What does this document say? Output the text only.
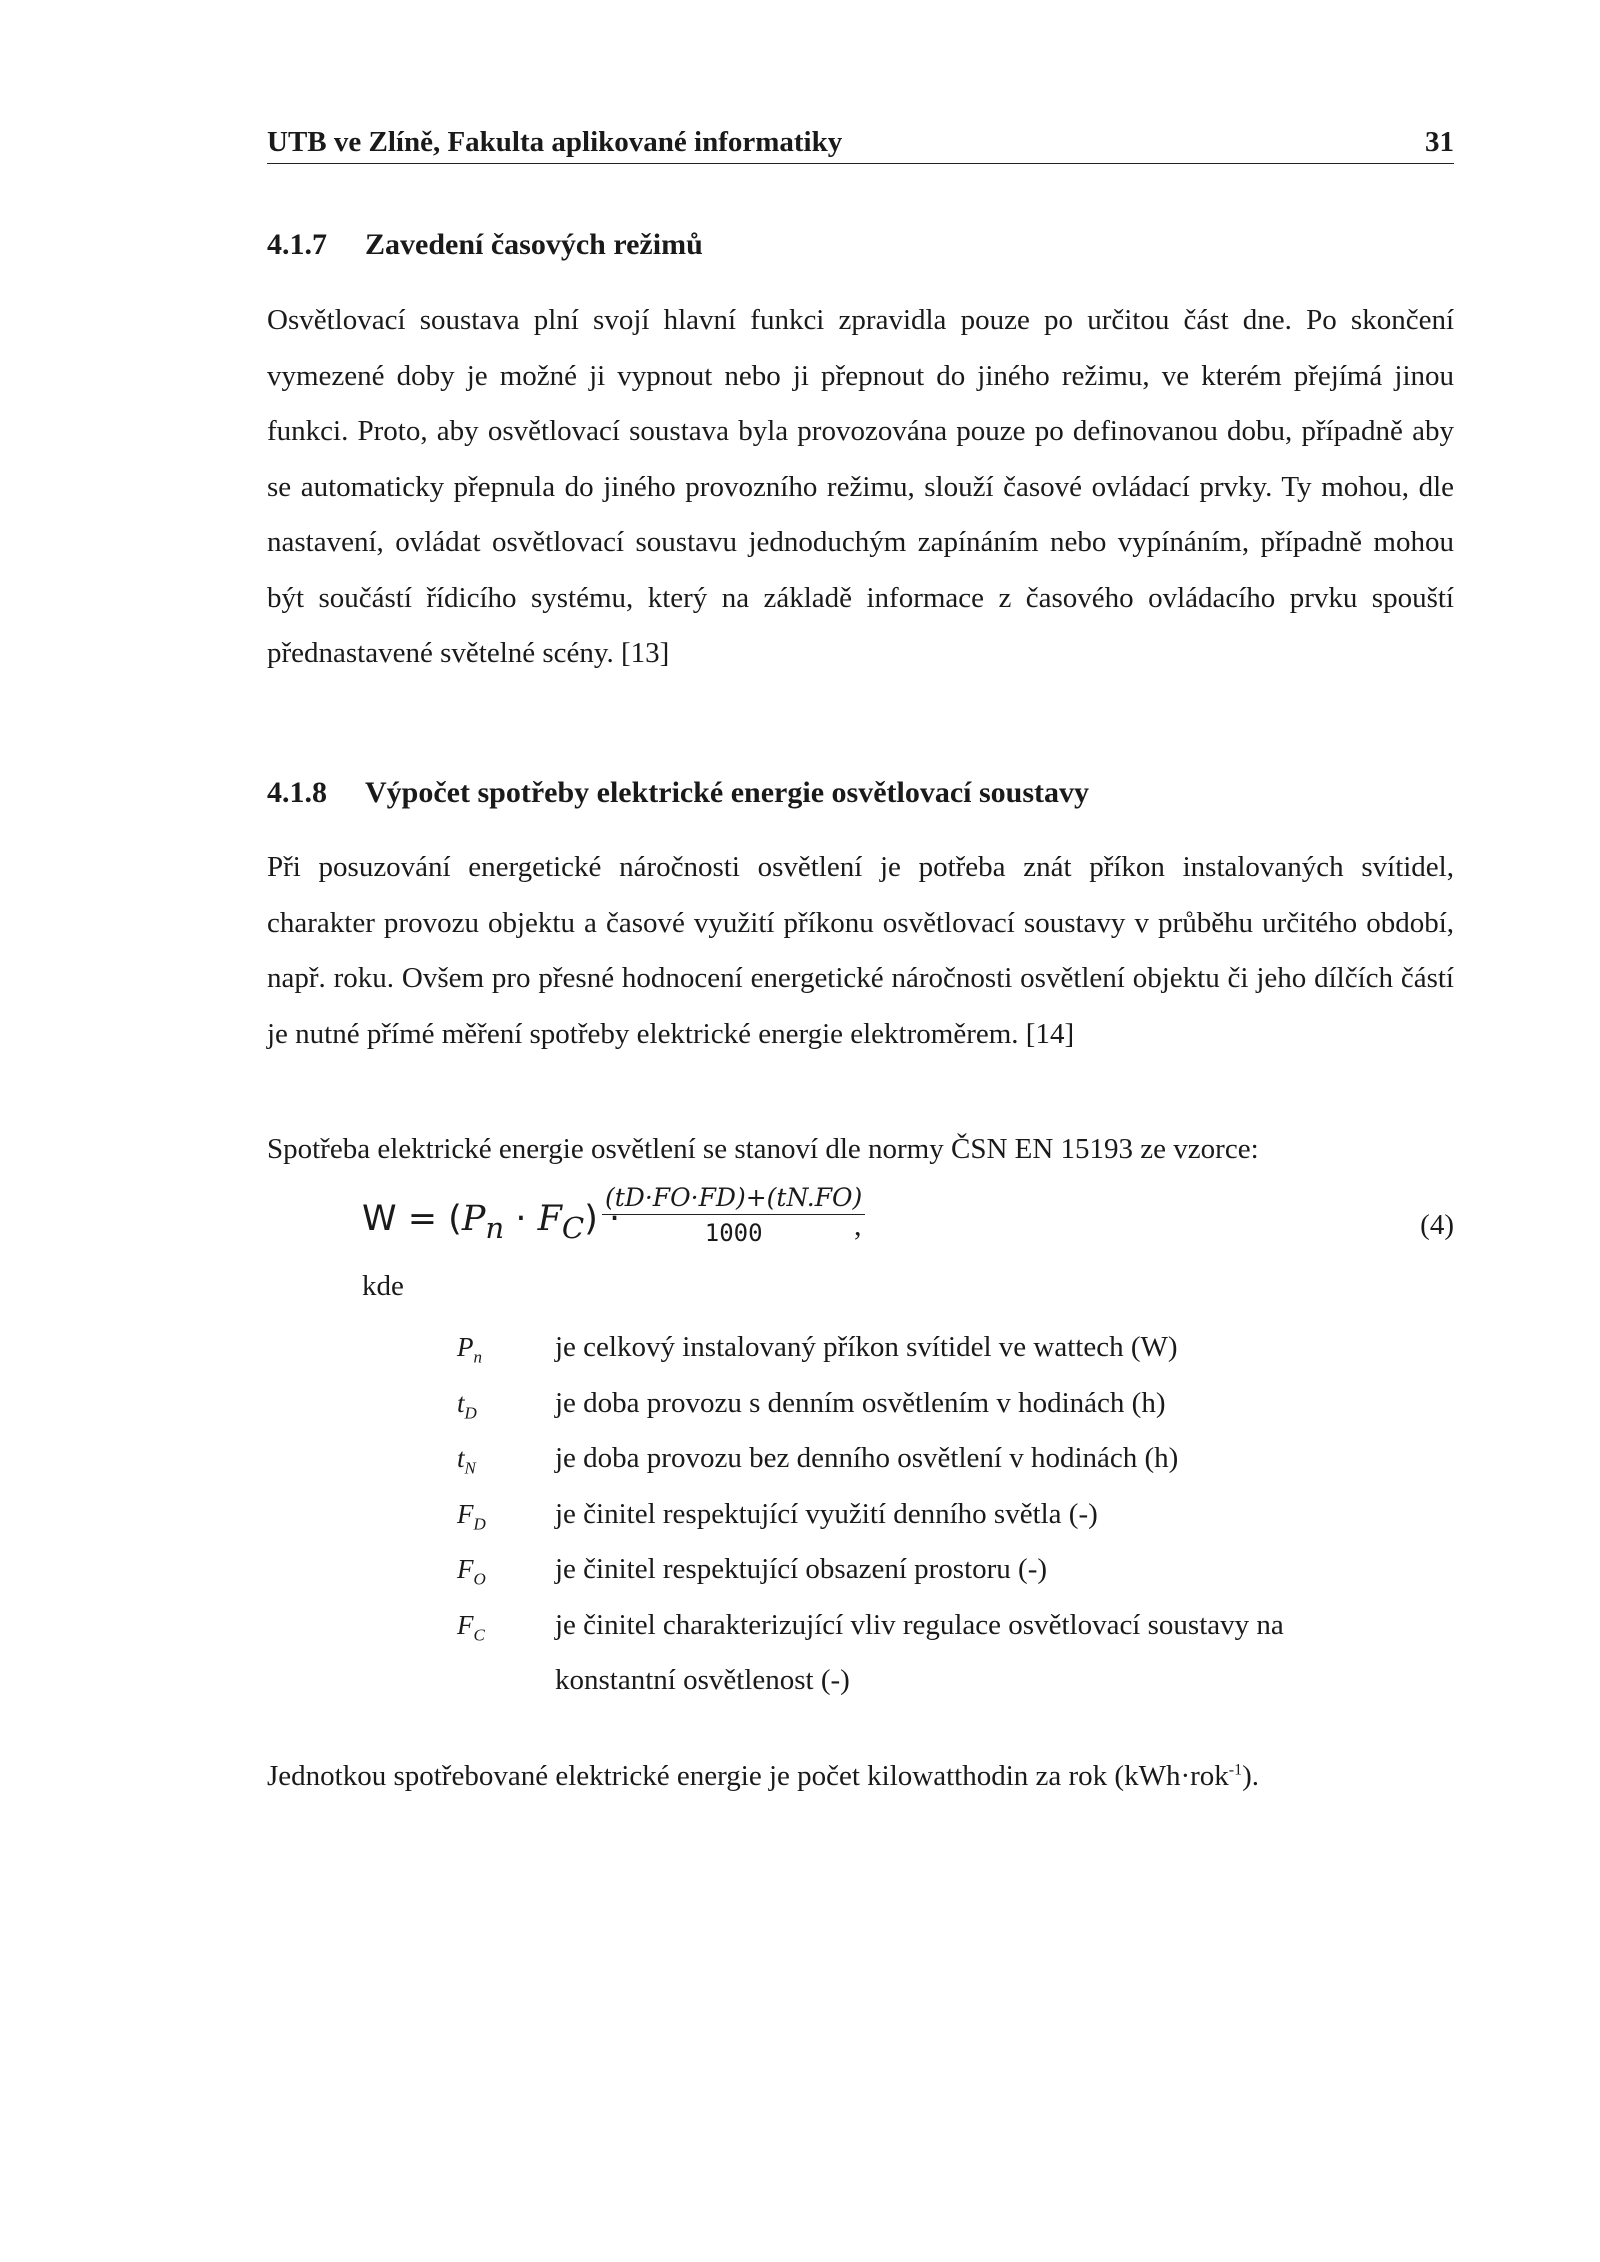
UTB ve Zlíně, Fakulta aplikované informatiky	31
4.1.7 Zavedení časových režimů

Osvětlovací soustava plní svojí hlavní funkci zpravidla pouze po určitou část dne. Po skončení vymezené doby je možné ji vypnout nebo ji přepnout do jiného režimu, ve kterém přejímá jinou funkci. Proto, aby osvětlovací soustava byla provozována pouze po definovanou dobu, případně aby se automaticky přepnula do jiného provozního režimu, slouží časové ovládací prvky. Ty mohou, dle nastavení, ovládat osvětlovací soustavu jednoduchým zapínáním nebo vypínáním, případně mohou být součástí řídicího systému, který na základě informace z časového ovládacího prvku spouští přednastavené světelné scény. [13]

4.1.8 Výpočet spotřeby elektrické energie osvětlovací soustavy

Při posuzování energetické náročnosti osvětlení je potřeba znát příkon instalovaných svítidel, charakter provozu objektu a časové využití příkonu osvětlovací soustavy v průběhu určitého období, např. roku. Ovšem pro přesné hodnocení energetické náročnosti osvětlení objektu či jeho dílčích částí je nutné přímé měření spotřeby elektrické energie elektroměrem. [14]

Spotřeba elektrické energie osvětlení se stanoví dle normy ČSN EN 15193 ze vzorce:

$W = (P_n \cdot F_C)$ ·
$\frac{(tD\cdot FO\cdot FD)+(tN.FO)}{1000}$
,	(4)
kde
$P_n$	je celkový instalovaný příkon svítidel ve wattech (W)
$t_D$	je doba provozu s denním osvětlením v hodinách (h)
$t_N$	je doba provozu bez denního osvětlení v hodinách (h)
$F_D$ je činitel respektující využití denního světla (-)
$F_O$ je činitel respektující obsazení prostoru (-)
$F_C$ je činitel charakterizující vliv regulace osvětlovací soustavy na konstantní osvětlenost (-)

Jednotkou spotřebované elektrické energie je počet kilowatthodin za rok (kWh·rok$^{-1}$).
